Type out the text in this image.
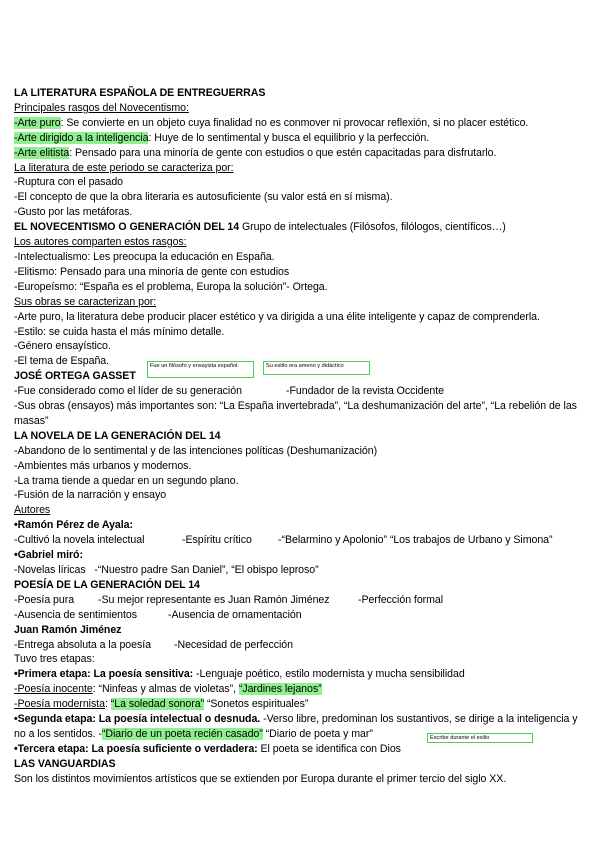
LA LITERATURA ESPAÑOLA DE ENTREGUERRAS
Principales rasgos del Novecentismo:
-Arte puro: Se convierte en un objeto cuya finalidad no es conmover ni provocar reflexión, si no placer estético.
-Arte dirigido a la inteligencia: Huye de lo sentimental y busca el equilibrio y la perfección.
-Arte elitista: Pensado para una minoría de gente con estudios o que estén capacitadas para disfrutarlo.
La literatura de este periodo se caracteriza por:
-Ruptura con el pasado
-El concepto de que la obra literaria es autosuficiente (su valor está en sí misma).
-Gusto por las metáforas.
EL NOVECENTISMO O GENERACIÓN DEL 14 Grupo de intelectuales (Filósofos, filólogos, científicos…)
Los autores comparten estos rasgos:
-Intelectualismo: Les preocupa la educación en España.
-Elitismo: Pensado para una minoría de gente con estudios
-Europeísmo: “España es el problema, Europa la solución”- Ortega.
Sus obras se caracterizan por:
-Arte puro, la literatura debe producir placer estético y va dirigida a una élite inteligente y capaz de comprenderla.
-Estilo: se cuida hasta el más mínimo detalle.
-Género ensayístico.
-El tema de España.
JOSÉ ORTEGA GASSET
-Fue considerado como el líder de su generación	-Fundador de la revista Occidente
-Sus obras (ensayos) más importantes son: “La España invertebrada”, “La deshumanización del arte”, “La rebelión de las masas”
LA NOVELA DE LA GENERACIÓN DEL 14
-Abandono de lo sentimental y de las intenciones políticas (Deshumanización)
-Ambientes más urbanos y modernos.
-La trama tiende a quedar en un segundo plano.
-Fusión de la narración y ensayo
Autores
•Ramón Pérez de Ayala:
-Cultivó la novela intelectual	-Espíritu crítico -“Belarmino y Apolonio” “Los trabajos de Urbano y Simona”
•Gabriel miró:
-Novelas líricas   -“Nuestro padre San Daniel”, “El obispo leproso”
POESÍA DE LA GENERACIÓN DEL 14
-Poesía pura -Su mejor representante es Juan Ramón Jiménez	-Perfección formal
-Ausencia de sentimientos	-Ausencia de ornamentación
Juan Ramón Jiménez
-Entrega absoluta a la poesía -Necesidad de perfección
Tuvo tres etapas:
•Primera etapa: La poesía sensitiva: -Lenguaje poético, estilo modernista y mucha sensibilidad
-Poesía inocente: “Ninfeas y almas de violetas”, “Jardines lejanos”
-Poesía modernista: “La soledad sonora” “Sonetos espirituales”
•Segunda etapa: La poesía intelectual o desnuda. -Verso libre, predominan los sustantivos, se dirige a la inteligencia y no a los sentidos. -“Diario de un poeta recién casado” “Diario de poeta y mar”
•Tercera etapa: La poesía suficiente o verdadera: El poeta se identifica con Dios
LAS VANGUARDIAS
Son los distintos movimientos artísticos que se extienden por Europa durante el primer tercio del siglo XX.
Fue un filósofo y ensayista español.	Su estilo era ameno y didáctico
Escribe durante el exilio
